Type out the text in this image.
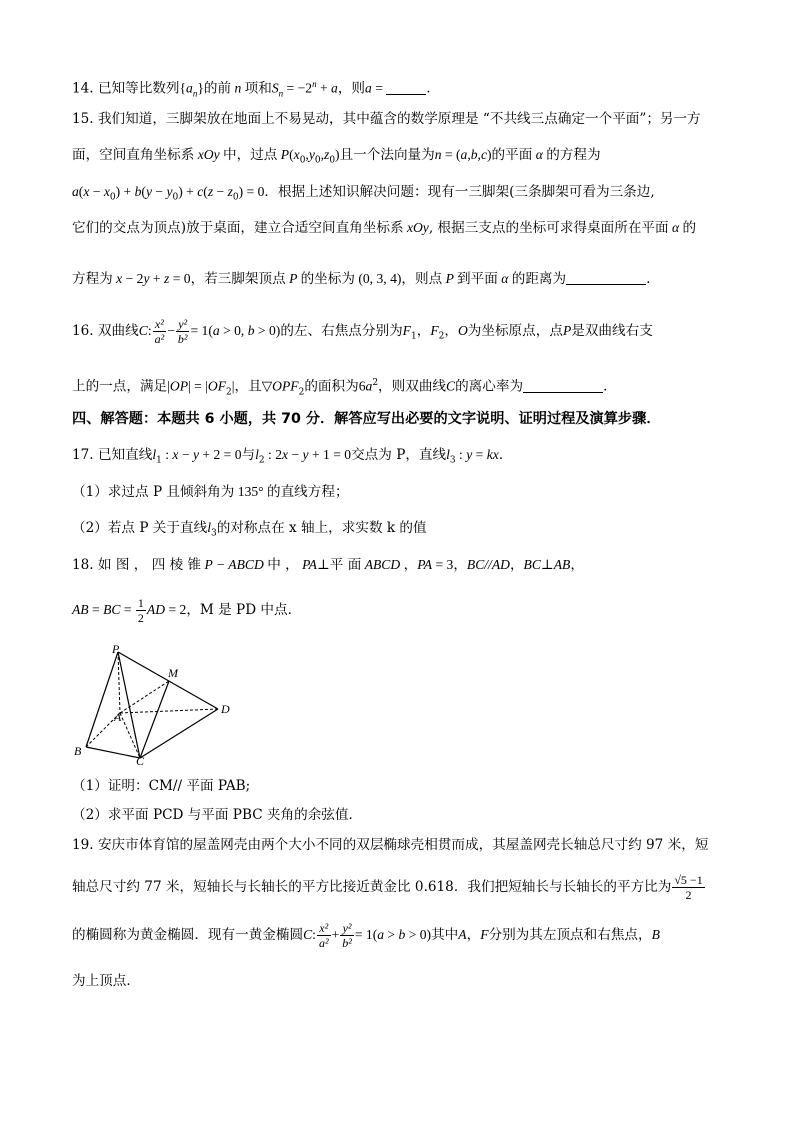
14. 已知等比数列$\{a_n\}$的前 n 项和$S_n = -2^n + a$，则a =	.
15. 我们知道，三脚架放在地面上不易晃动，其中蕴含的数学原理是 “不共线三点确定一个平面”；另一方
面，空间直角坐标系 xOy 中，过点 $P(x_0,y_0,z_0)$且一个法向量为n = (a,b,c)的平面 α 的方程为
$a(x - x_0) + b(y - y_0) + c(z - z_0) = 0$．根据上述知识解决问题：现有一三脚架(三条脚架可看为三条边,
它们的交点为顶点)放于桌面，建立合适空间直角坐标系 xOy, 根据三支点的坐标可求得桌面所在平面 α 的
方程为 x − 2y + z = 0，若三脚架顶点 P 的坐标为 (0, 3, 4)，则点 P 到平面 α 的距离为	.
16. 双曲线C: $\frac{\text{x²}}{\text{a²}} - \frac{\text{y²}}{\text{b²}} = 1(a > 0$, b > 0)的左、右焦点分别为$F_1$，$F_2$，O为坐标原点，点P是双曲线右支
上的一点，满足$|OP| = |OF_2|$，且$▽OPF_2$的面积为$6a^2$，则双曲线C的离心率为	.
四、解答题：本题共 6 小题，共 70 分．解答应写出必要的文字说明、证明过程及演算步骤．
17. 已知直线$l_1$ : x − y + 2 = 0与$l_2$ : 2x − y + 1 = 0交点为 P，直线$l_3$ : y = kx．
（1）求过点 P 且倾斜角为 135° 的直线方程；
（2）若点 P 关于直线$l_3$的对称点在 x 轴上，求实数 k 的值
18. 如 图 ， 四 棱 锥 P − ABCD 中 ， PA⊥平 面 ABCD ，PA = 3，BC//AD，BC⊥AB，
AB = BC = $\frac{1}{2}$ AD = 2，M 是 PD 中点．
P
M
A
D
B
C
（1）证明：CM// 平面 PAB;
（2）求平面 PCD 与平面 PBC 夹角的余弦值．
19. 安庆市体育馆的屋盖网壳由两个大小不同的双层椭球壳相贯而成，其屋盖网壳长轴总尺寸约 97 米，短
轴总尺寸约 77 米，短轴长与长轴长的平方比接近黄金比 0.618．我们把短轴长与长轴长的平方比为 $\frac{√5 -1}{2}$
的椭圆称为黄金椭圆．现有一黄金椭圆C: $\frac{\text{x²}}{\text{a²}} + \frac{\text{y²}}{\text{b²}} = 1(a > b > 0)$其中A，F分别为其左顶点和右焦点，B
为上顶点．
